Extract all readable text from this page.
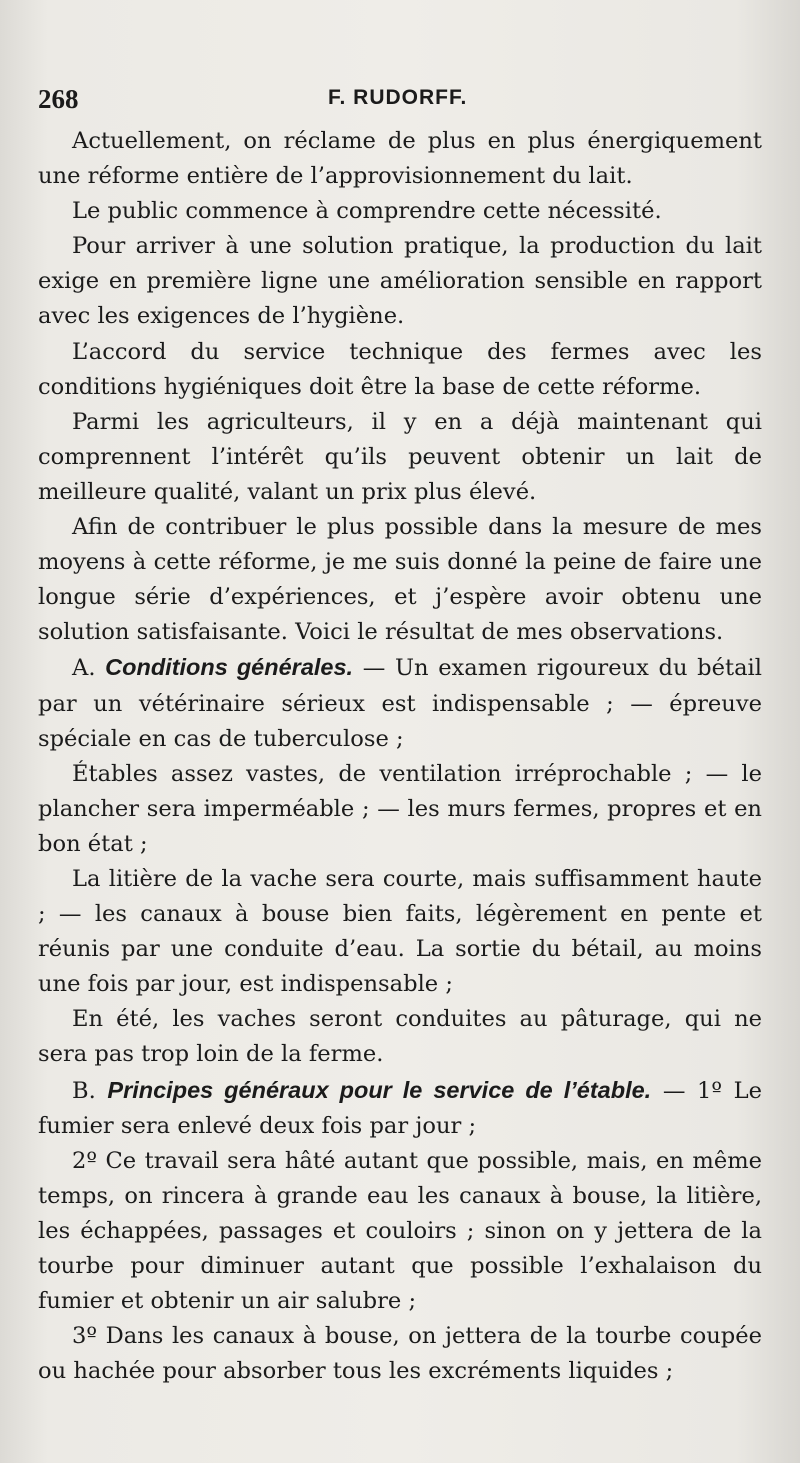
268	F. RUDORFF.

Actuellement, on réclame de plus en plus énergiquement une réforme entière de l’approvisionnement du lait.

Le public commence à comprendre cette nécessité.

Pour arriver à une solution pratique, la production du lait exige en première ligne une amélioration sensible en rapport avec les exigences de l’hygiène.

L’accord du service technique des fermes avec les conditions hygiéniques doit être la base de cette réforme.

Parmi les agriculteurs, il y en a déjà maintenant qui comprennent l’intérêt qu’ils peuvent obtenir un lait de meilleure qualité, valant un prix plus élevé.

Afin de contribuer le plus possible dans la mesure de mes moyens à cette réforme, je me suis donné la peine de faire une longue série d’expériences, et j’espère avoir obtenu une solution satisfaisante. Voici le résultat de mes observations.

A. Conditions générales. — Un examen rigoureux du bétail par un vétérinaire sérieux est indispensable ; — épreuve spéciale en cas de tuberculose ;

Étables assez vastes, de ventilation irréprochable ; — le plancher sera imperméable ; — les murs fermes, propres et en bon état ;

La litière de la vache sera courte, mais suffisamment haute ; — les canaux à bouse bien faits, légèrement en pente et réunis par une conduite d’eau. La sortie du bétail, au moins une fois par jour, est indispensable ;

En été, les vaches seront conduites au pâturage, qui ne sera pas trop loin de la ferme.

B. Principes généraux pour le service de l’étable. — 1º Le fumier sera enlevé deux fois par jour ;

2º Ce travail sera hâté autant que possible, mais, en même temps, on rincera à grande eau les canaux à bouse, la litière, les échappées, passages et couloirs ; sinon on y jettera de la tourbe pour diminuer autant que possible l’exhalaison du fumier et obtenir un air salubre ;

3º Dans les canaux à bouse, on jettera de la tourbe coupée ou hachée pour absorber tous les excréments liquides ;
